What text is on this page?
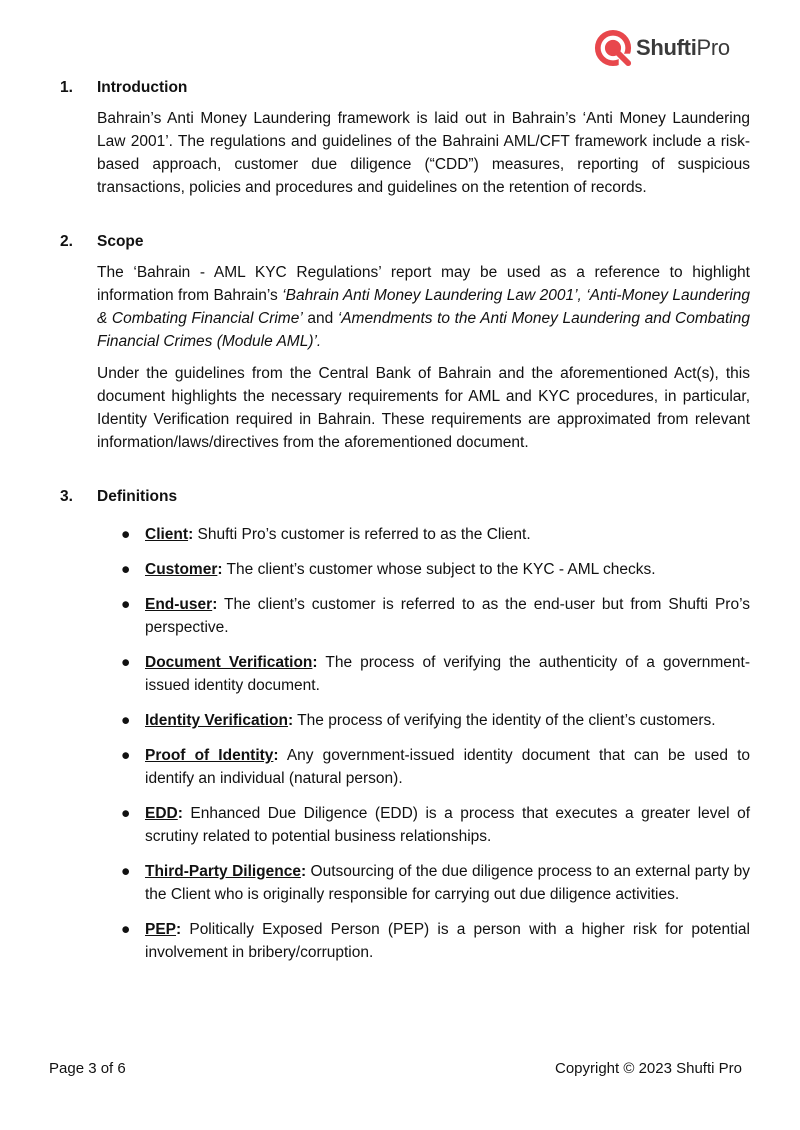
ShuftiPro
1.	Introduction

Bahrain’s Anti Money Laundering framework is laid out in Bahrain’s ‘Anti Money Laundering Law 2001’. The regulations and guidelines of the Bahraini AML/CFT framework include a risk-based approach, customer due diligence (“CDD”) measures, reporting of suspicious transactions, policies and procedures and guidelines on the retention of records.

2.	Scope

The ‘Bahrain - AML KYC Regulations’ report may be used as a reference to highlight information from Bahrain’s ‘Bahrain Anti Money Laundering Law 2001’, ‘Anti-Money Laundering & Combating Financial Crime’ and ‘Amendments to the Anti Money Laundering and Combating Financial Crimes (Module AML)’.

Under the guidelines from the Central Bank of Bahrain and the aforementioned Act(s), this document highlights the necessary requirements for AML and KYC procedures, in particular, Identity Verification required in Bahrain. These requirements are approximated from relevant information/laws/directives from the aforementioned document.

3.	Definitions
● Client: Shufti Pro’s customer is referred to as the Client.
● Customer: The client’s customer whose subject to the KYC - AML checks.
● End-user: The client’s customer is referred to as the end-user but from Shufti Pro’s perspective.
● Document Verification: The process of verifying the authenticity of a government-issued identity document.
● Identity Verification: The process of verifying the identity of the client’s customers.
● Proof of Identity: Any government-issued identity document that can be used to identify an individual (natural person).
● EDD: Enhanced Due Diligence (EDD) is a process that executes a greater level of scrutiny related to potential business relationships.
● Third-Party Diligence: Outsourcing of the due diligence process to an external party by the Client who is originally responsible for carrying out due diligence activities.
● PEP: Politically Exposed Person (PEP) is a person with a higher risk for potential involvement in bribery/corruption.
Page 3 of 6	Copyright © 2023 Shufti Pro
